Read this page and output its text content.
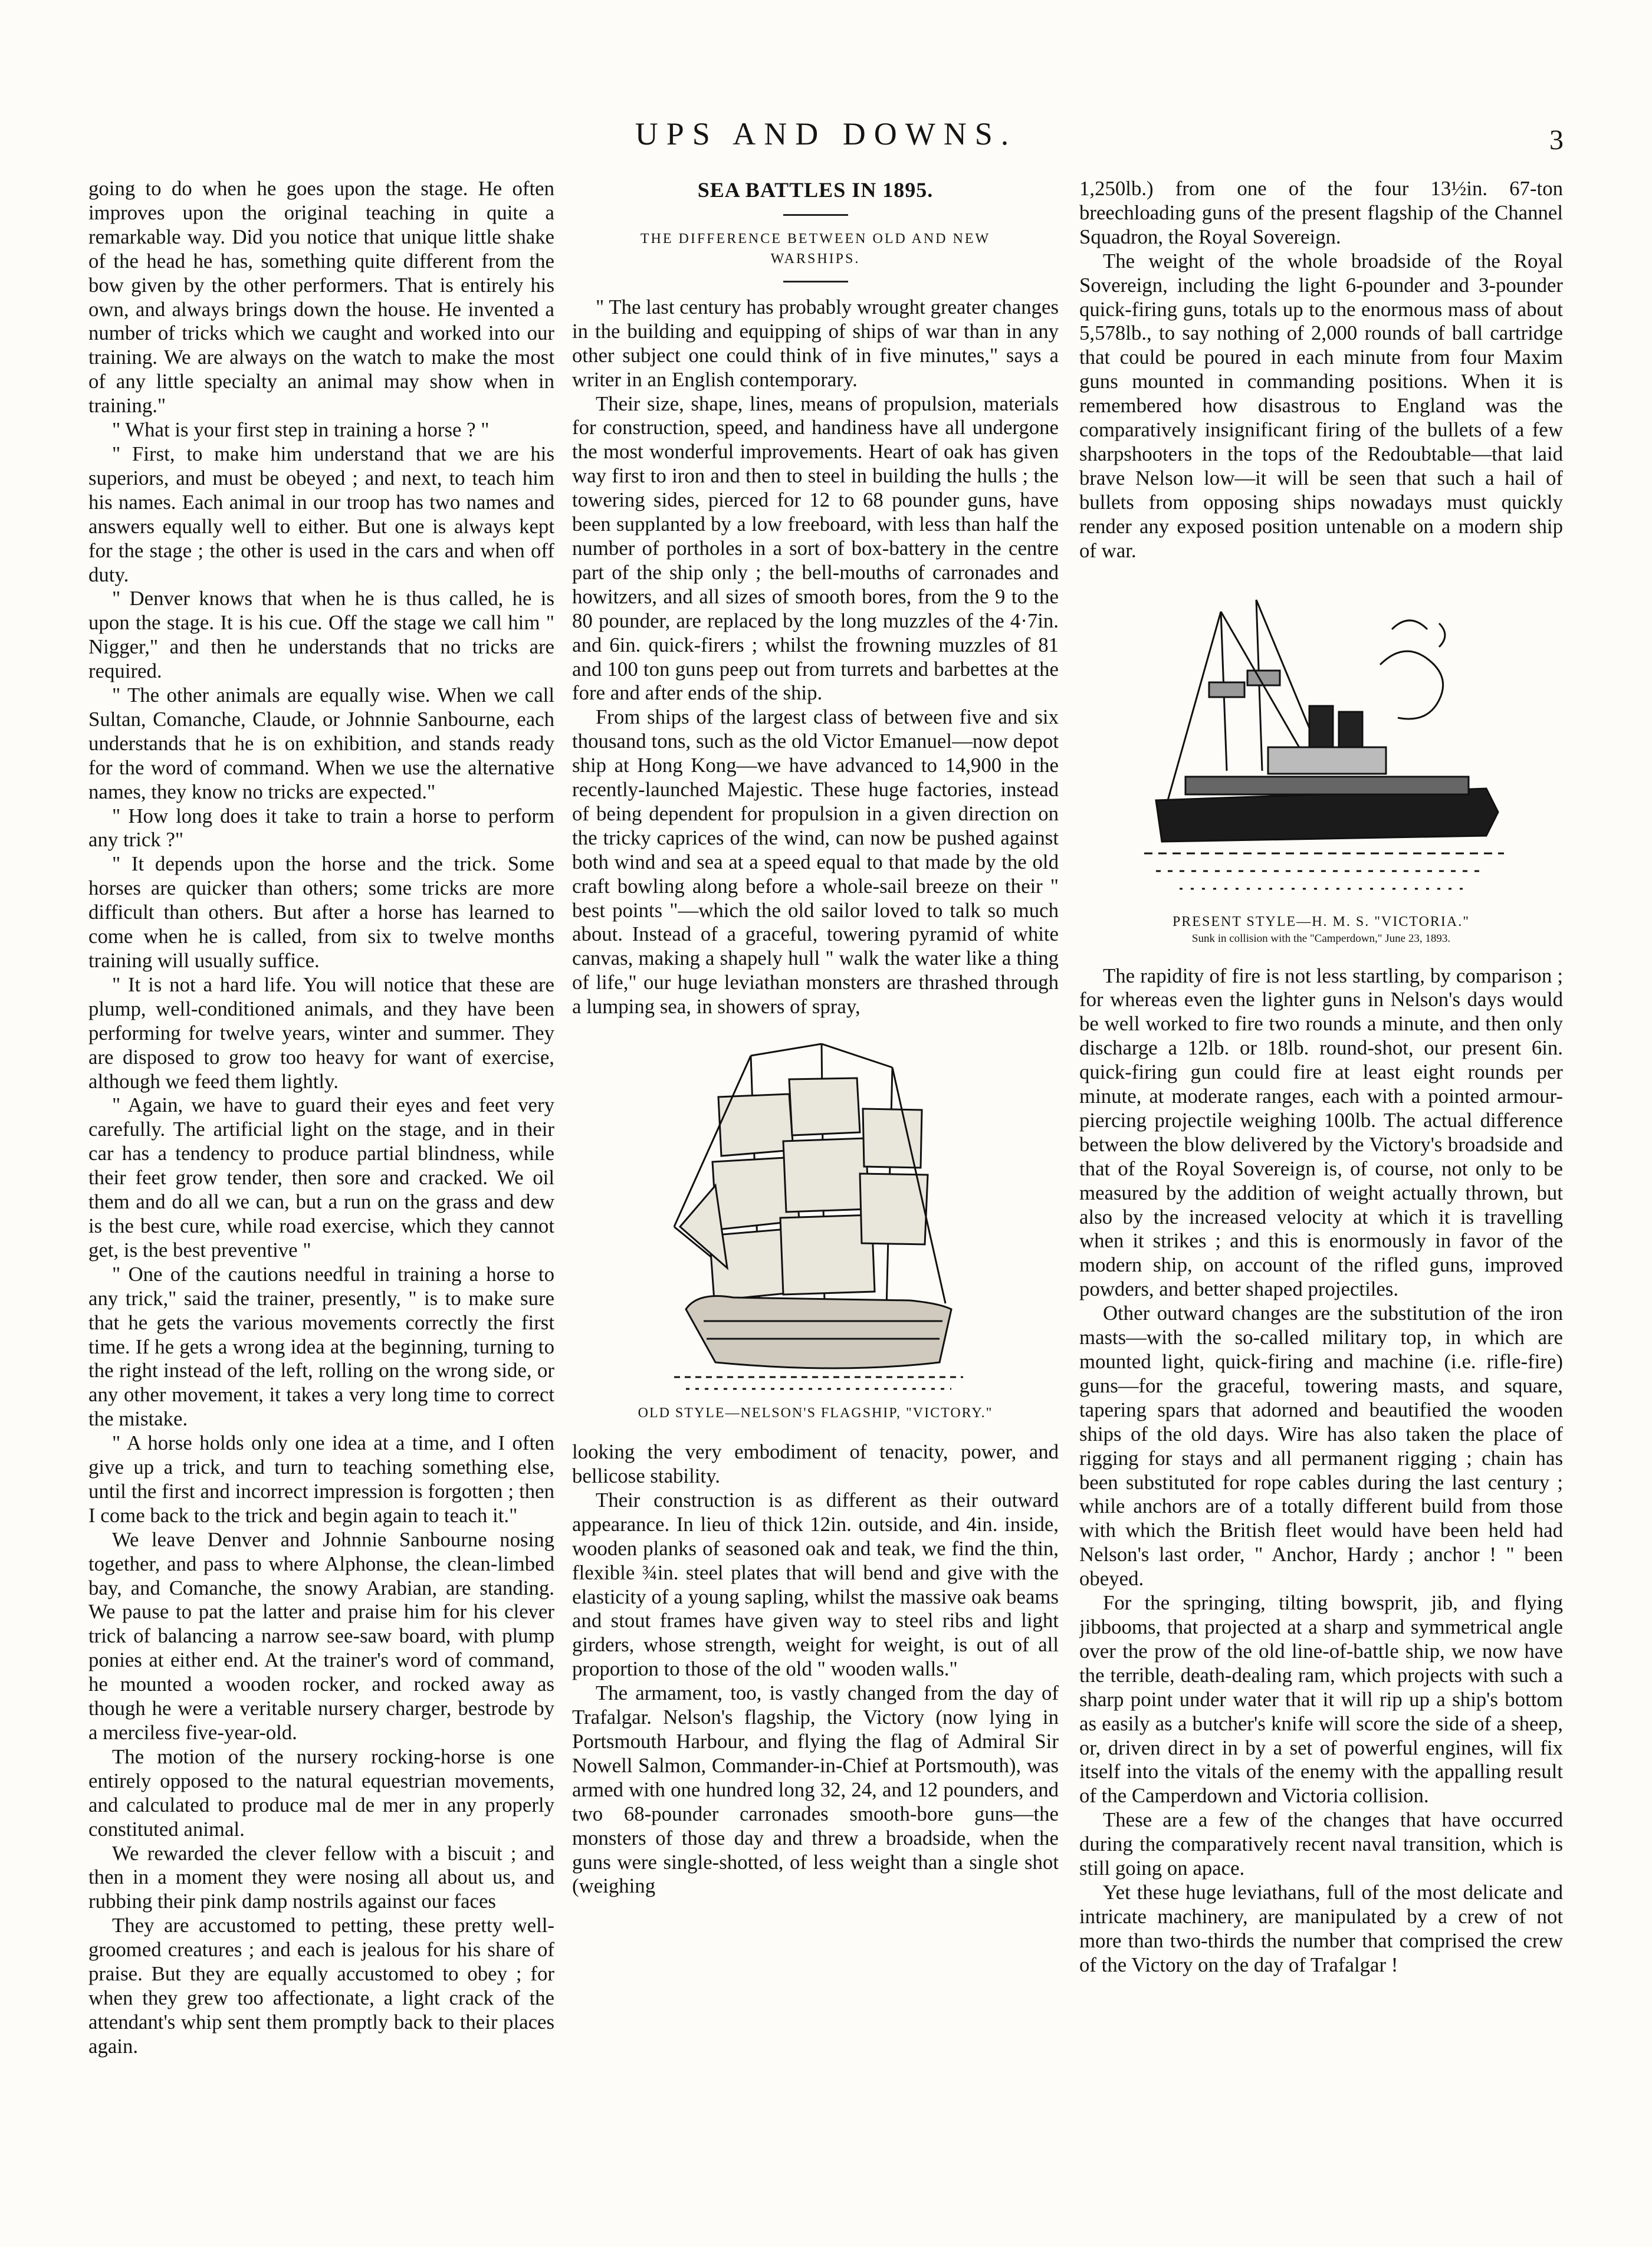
UPS AND DOWNS.	3

going to do when he goes upon the stage. He often improves upon the original teaching in quite a remarkable way. Did you notice that unique little shake of the head he has, something quite different from the bow given by the other performers. That is entirely his own, and always brings down the house. He invented a number of tricks which we caught and worked into our training. We are always on the watch to make the most of any little specialty an animal may show when in training."

" What is your first step in training a horse ? "

" First, to make him understand that we are his superiors, and must be obeyed ; and next, to teach him his names. Each animal in our troop has two names and answers equally well to either. But one is always kept for the stage ; the other is used in the cars and when off duty.

" Denver knows that when he is thus called, he is upon the stage. It is his cue. Off the stage we call him " Nigger," and then he understands that no tricks are required.

" The other animals are equally wise. When we call Sultan, Comanche, Claude, or Johnnie Sanbourne, each understands that he is on exhibition, and stands ready for the word of command. When we use the alternative names, they know no tricks are expected."

" How long does it take to train a horse to perform any trick ?"

" It depends upon the horse and the trick. Some horses are quicker than others; some tricks are more difficult than others. But after a horse has learned to come when he is called, from six to twelve months training will usually suffice.

" It is not a hard life. You will notice that these are plump, well-conditioned animals, and they have been performing for twelve years, winter and summer. They are disposed to grow too heavy for want of exercise, although we feed them lightly.

" Again, we have to guard their eyes and feet very carefully. The artificial light on the stage, and in their car has a tendency to produce partial blindness, while their feet grow tender, then sore and cracked. We oil them and do all we can, but a run on the grass and dew is the best cure, while road exercise, which they cannot get, is the best preventive "

" One of the cautions needful in training a horse to any trick," said the trainer, presently, " is to make sure that he gets the various movements correctly the first time. If he gets a wrong idea at the beginning, turning to the right instead of the left, rolling on the wrong side, or any other movement, it takes a very long time to correct the mistake.

" A horse holds only one idea at a time, and I often give up a trick, and turn to teaching something else, until the first and incorrect impression is forgotten ; then I come back to the trick and begin again to teach it."

We leave Denver and Johnnie Sanbourne nosing together, and pass to where Alphonse, the clean-limbed bay, and Comanche, the snowy Arabian, are standing. We pause to pat the latter and praise him for his clever trick of balancing a narrow see-saw board, with plump ponies at either end. At the trainer's word of command, he mounted a wooden rocker, and rocked away as though he were a veritable nursery charger, bestrode by a merciless five-year-old.

The motion of the nursery rocking-horse is one entirely opposed to the natural equestrian movements, and calculated to produce mal de mer in any properly constituted animal.

We rewarded the clever fellow with a biscuit ; and then in a moment they were nosing all about us, and rubbing their pink damp nostrils against our faces

They are accustomed to petting, these pretty well-groomed creatures ; and each is jealous for his share of praise. But they are equally accustomed to obey ; for when they grew too affectionate, a light crack of the attendant's whip sent them promptly back to their places again.

SEA BATTLES IN 1895.
THE DIFFERENCE BETWEEN OLD AND NEW WARSHIPS.

" The last century has probably wrought greater changes in the building and equipping of ships of war than in any other subject one could think of in five minutes," says a writer in an English contemporary.

Their size, shape, lines, means of propulsion, materials for construction, speed, and handiness have all undergone the most wonderful improvements. Heart of oak has given way first to iron and then to steel in building the hulls ; the towering sides, pierced for 12 to 68 pounder guns, have been supplanted by a low freeboard, with less than half the number of portholes in a sort of box-battery in the centre part of the ship only ; the bell-mouths of carronades and howitzers, and all sizes of smooth bores, from the 9 to the 80 pounder, are replaced by the long muzzles of the 4·7in. and 6in. quick-firers ; whilst the frowning muzzles of 81 and 100 ton guns peep out from turrets and barbettes at the fore and after ends of the ship.

From ships of the largest class of between five and six thousand tons, such as the old Victor Emanuel—now depot ship at Hong Kong—we have advanced to 14,900 in the recently-launched Majestic. These huge factories, instead of being dependent for propulsion in a given direction on the tricky caprices of the wind, can now be pushed against both wind and sea at a speed equal to that made by the old craft bowling along before a whole-sail breeze on their " best points "—which the old sailor loved to talk so much about. Instead of a graceful, towering pyramid of white canvas, making a shapely hull " walk the water like a thing of life," our huge leviathan monsters are thrashed through a lumping sea, in showers of spray,

OLD STYLE—NELSON'S FLAGSHIP, "VICTORY."

looking the very embodiment of tenacity, power, and bellicose stability.

Their construction is as different as their outward appearance. In lieu of thick 12in. outside, and 4in. inside, wooden planks of seasoned oak and teak, we find the thin, flexible ¾in. steel plates that will bend and give with the elasticity of a young sapling, whilst the massive oak beams and stout frames have given way to steel ribs and light girders, whose strength, weight for weight, is out of all proportion to those of the old " wooden walls."

The armament, too, is vastly changed from the day of Trafalgar. Nelson's flagship, the Victory (now lying in Portsmouth Harbour, and flying the flag of Admiral Sir Nowell Salmon, Commander-in-Chief at Portsmouth), was armed with one hundred long 32, 24, and 12 pounders, and two 68-pounder carronades smooth-bore guns—the monsters of those day and threw a broadside, when the guns were single-shotted, of less weight than a single shot (weighing

1,250lb.) from one of the four 13½in. 67-ton breechloading guns of the present flagship of the Channel Squadron, the Royal Sovereign.

The weight of the whole broadside of the Royal Sovereign, including the light 6-pounder and 3-pounder quick-firing guns, totals up to the enormous mass of about 5,578lb., to say nothing of 2,000 rounds of ball cartridge that could be poured in each minute from four Maxim guns mounted in commanding positions. When it is remembered how disastrous to England was the comparatively insignificant firing of the bullets of a few sharpshooters in the tops of the Redoubtable—that laid brave Nelson low—it will be seen that such a hail of bullets from opposing ships nowadays must quickly render any exposed position untenable on a modern ship of war.

PRESENT STYLE—H. M. S. "VICTORIA."
Sunk in collision with the "Camperdown," June 23, 1893.

The rapidity of fire is not less startling, by comparison ; for whereas even the lighter guns in Nelson's days would be well worked to fire two rounds a minute, and then only discharge a 12lb. or 18lb. round-shot, our present 6in. quick-firing gun could fire at least eight rounds per minute, at moderate ranges, each with a pointed armour-piercing projectile weighing 100lb. The actual difference between the blow delivered by the Victory's broadside and that of the Royal Sovereign is, of course, not only to be measured by the addition of weight actually thrown, but also by the increased velocity at which it is travelling when it strikes ; and this is enormously in favor of the modern ship, on account of the rifled guns, improved powders, and better shaped projectiles.

Other outward changes are the substitution of the iron masts—with the so-called military top, in which are mounted light, quick-firing and machine (i.e. rifle-fire) guns—for the graceful, towering masts, and square, tapering spars that adorned and beautified the wooden ships of the old days. Wire has also taken the place of rigging for stays and all permanent rigging ; chain has been substituted for rope cables during the last century ; while anchors are of a totally different build from those with which the British fleet would have been held had Nelson's last order, " Anchor, Hardy ; anchor ! " been obeyed.

For the springing, tilting bowsprit, jib, and flying jibbooms, that projected at a sharp and symmetrical angle over the prow of the old line-of-battle ship, we now have the terrible, death-dealing ram, which projects with such a sharp point under water that it will rip up a ship's bottom as easily as a butcher's knife will score the side of a sheep, or, driven direct in by a set of powerful engines, will fix itself into the vitals of the enemy with the appalling result of the Camperdown and Victoria collision.

These are a few of the changes that have occurred during the comparatively recent naval transition, which is still going on apace.

Yet these huge leviathans, full of the most delicate and intricate machinery, are manipulated by a crew of not more than two-thirds the number that comprised the crew of the Victory on the day of Trafalgar !
